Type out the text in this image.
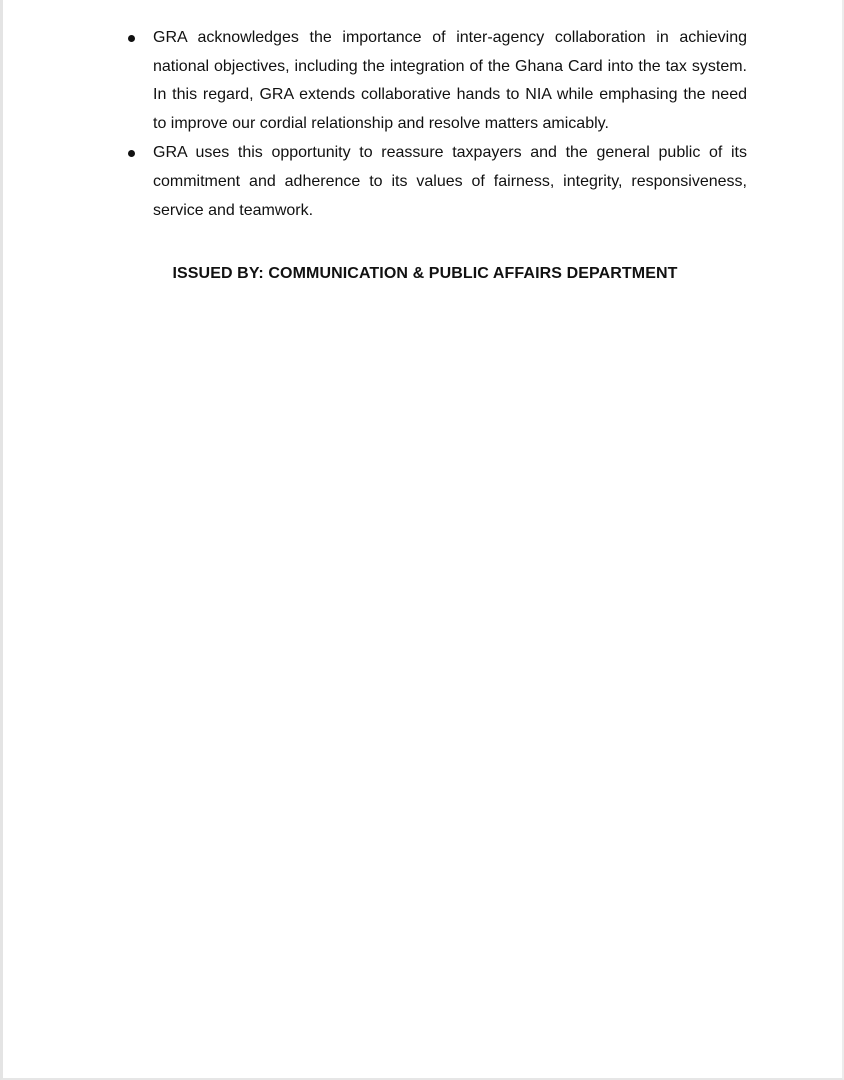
GRA acknowledges the importance of inter-agency collaboration in achieving national objectives, including the integration of the Ghana Card into the tax system. In this regard, GRA extends collaborative hands to NIA while emphasing the need to improve our cordial relationship and resolve matters amicably.
GRA uses this opportunity to reassure taxpayers and the general public of its commitment and adherence to its values of fairness, integrity, responsiveness, service and teamwork.

ISSUED BY: COMMUNICATION & PUBLIC AFFAIRS DEPARTMENT
